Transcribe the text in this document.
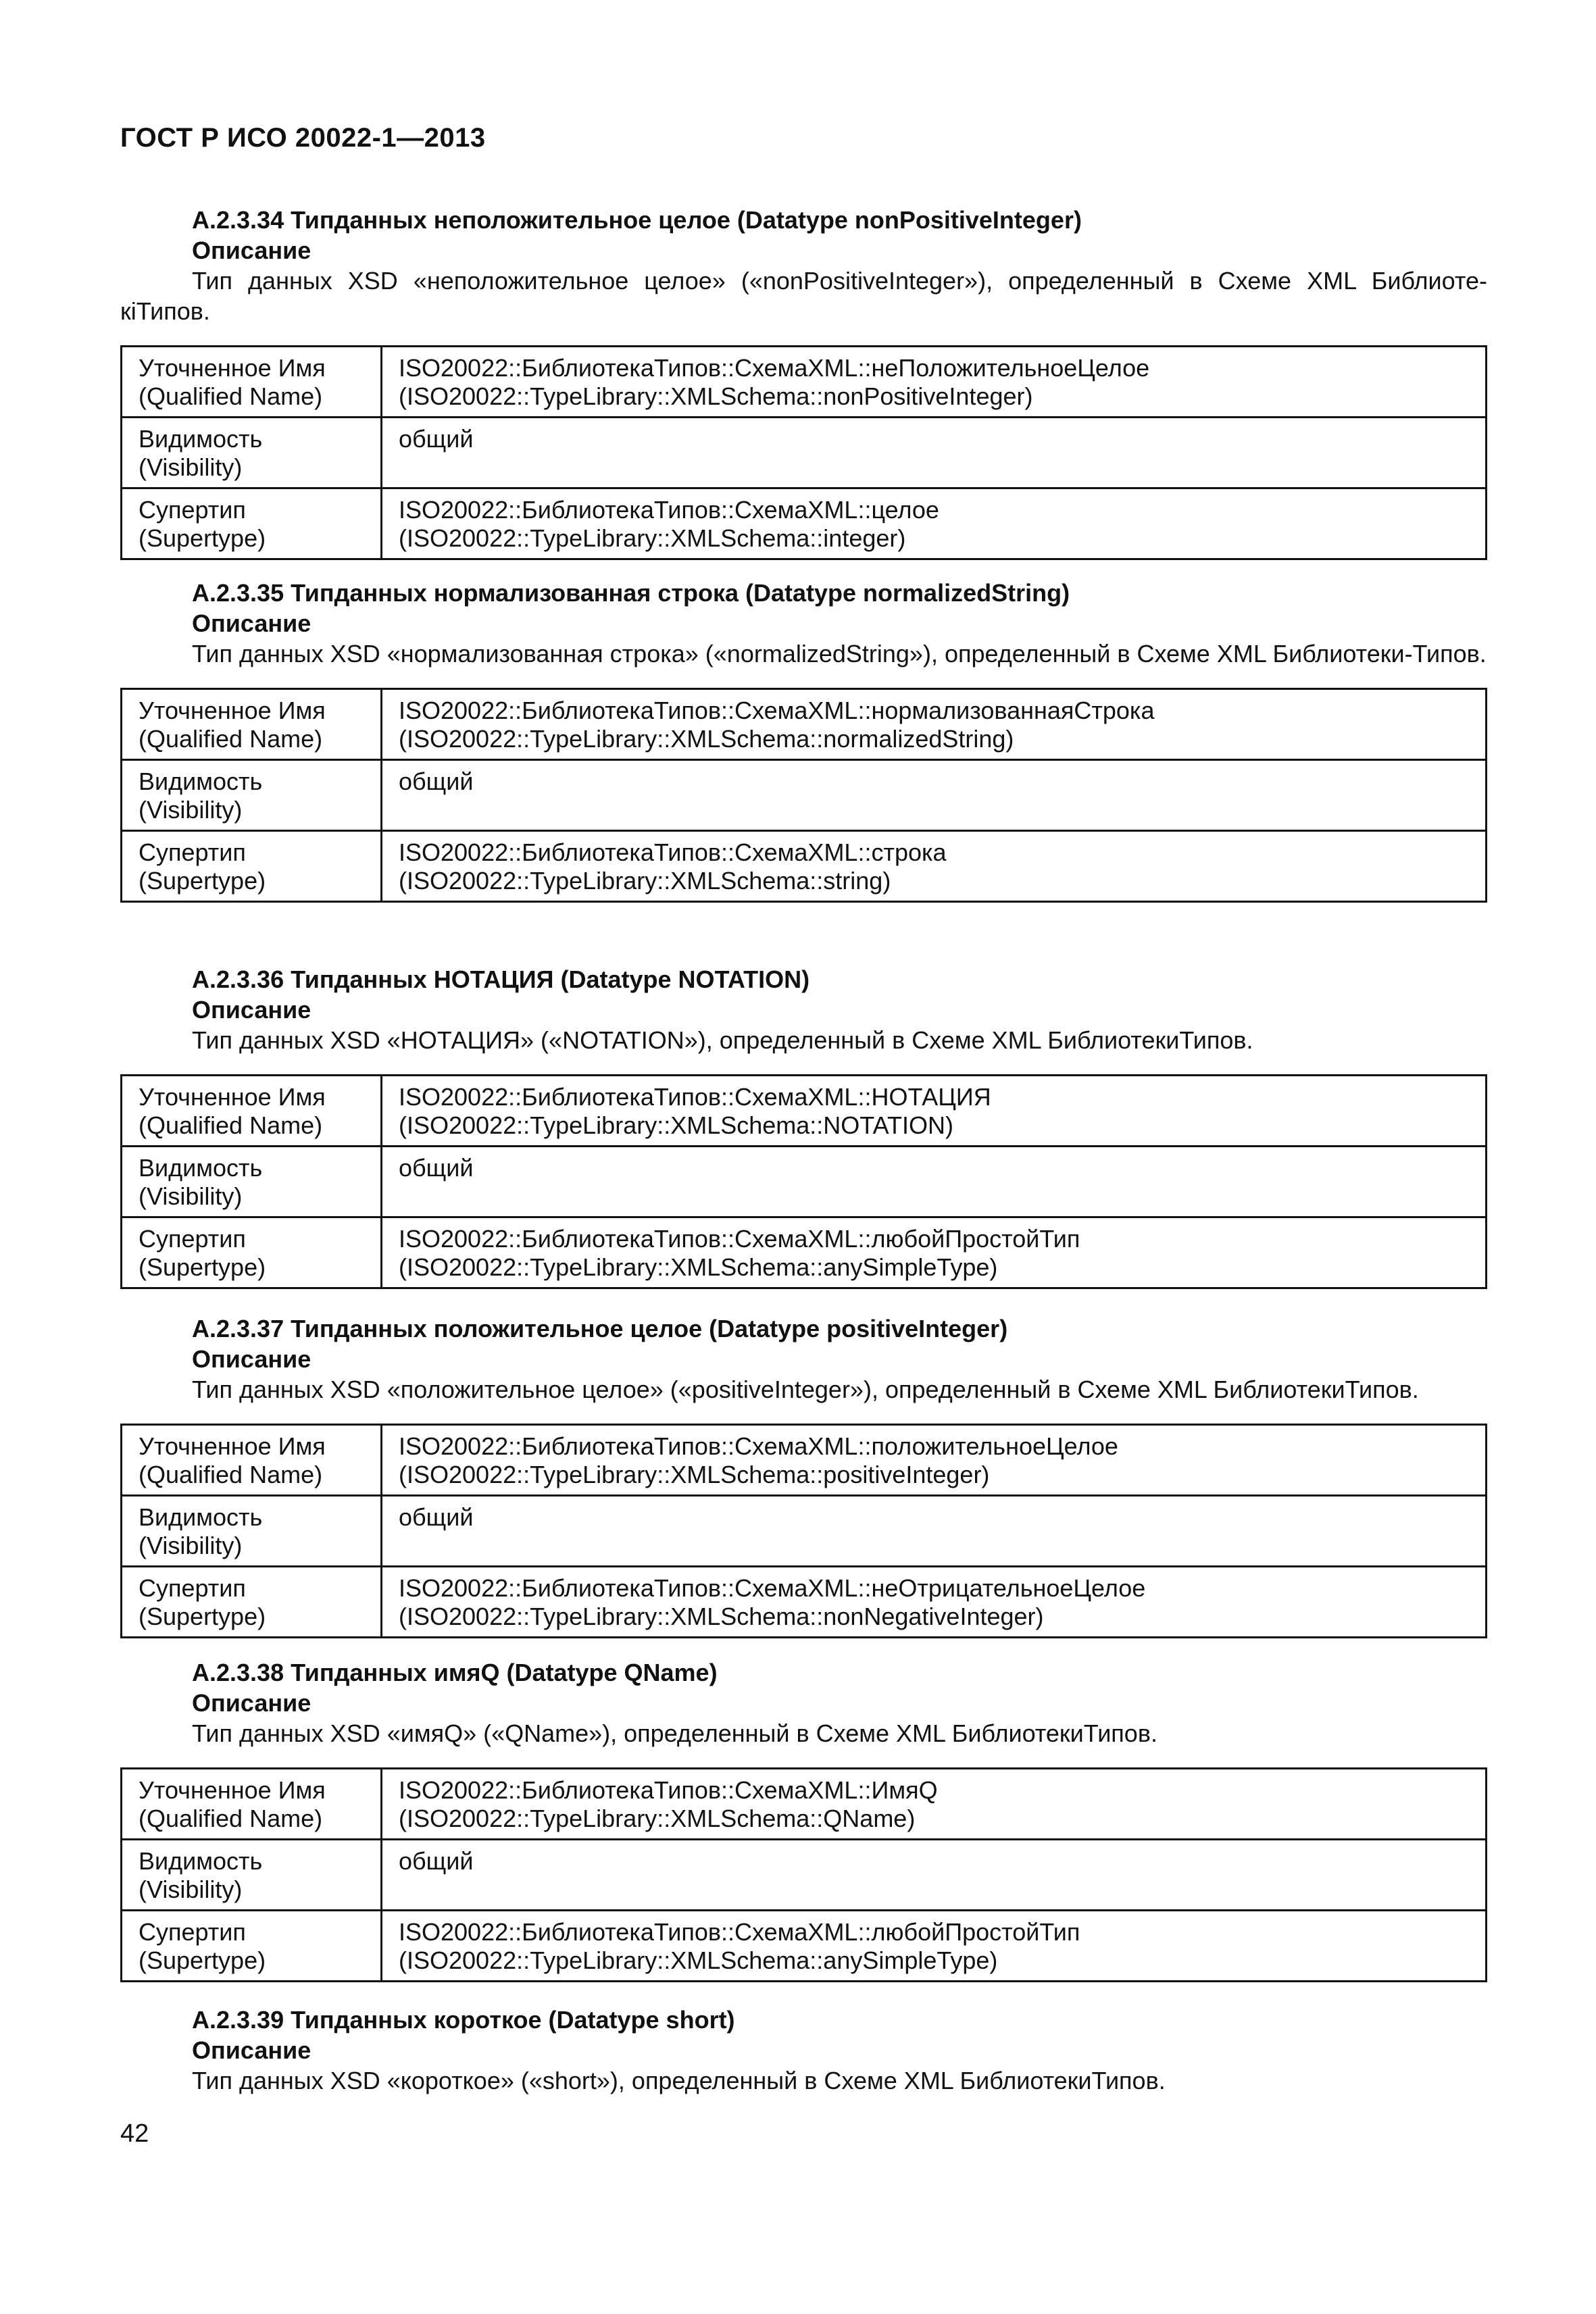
ГОСТ Р ИСО 20022-1—2013
А.2.3.34 Типданных неположительное целое (Datatype nonPositiveInteger)
Описание
Тип данных XSD «неположительное целое» («nonPositiveInteger»), определенный в Схеме XML Библиоте-кiТипов.
Уточненное Имя
(Qualified Name)	ISO20022::БиблиотекаТипов::СхемаXML::неПоложительноеЦелое
(ISO20022::TypeLibrary::XMLSchema::nonPositiveInteger)

Видимость
(Visibility)	общий

Супертип
(Supertype)	ISO20022::БиблиотекаТипов::СхемаXML::целое
(ISO20022::TypeLibrary::XMLSchema::integer)
А.2.3.35 Типданных нормализованная строка (Datatype normalizedString)
Описание
Тип данных XSD «нормализованная строка» («normalizedString»), определенный в Схеме XML Библиотеки-Типов.
Уточненное Имя
(Qualified Name)	ISO20022::БиблиотекаТипов::СхемаXML::нормализованнаяСтрока
(ISO20022::TypeLibrary::XMLSchema::normalizedString)

Видимость
(Visibility)	общий

Супертип
(Supertype)	ISO20022::БиблиотекаТипов::СхемаXML::строка
(ISO20022::TypeLibrary::XMLSchema::string)
А.2.3.36 Типданных НОТАЦИЯ (Datatype NOTATION)
Описание
Тип данных XSD «НОТАЦИЯ» («NOTATION»), определенный в Схеме XML БиблиотекиТипов.
Уточненное Имя
(Qualified Name)	ISO20022::БиблиотекаТипов::СхемаXML::НОТАЦИЯ
(ISO20022::TypeLibrary::XMLSchema::NOTATION)

Видимость
(Visibility)	общий

Супертип
(Supertype)	ISO20022::БиблиотекаТипов::СхемаXML::любойПростойТип
(ISO20022::TypeLibrary::XMLSchema::anySimpleType)
А.2.3.37 Типданных положительное целое (Datatype positiveInteger)
Описание
Тип данных XSD «положительное целое» («positiveInteger»), определенный в Схеме XML БиблиотекиТипов.
Уточненное Имя
(Qualified Name)	ISO20022::БиблиотекаТипов::СхемаXML::положительноеЦелое
(ISO20022::TypeLibrary::XMLSchema::positiveInteger)

Видимость
(Visibility)	общий

Супертип
(Supertype)	ISO20022::БиблиотекаТипов::СхемаXML::неОтрицательноеЦелое
(ISO20022::TypeLibrary::XMLSchema::nonNegativeInteger)
А.2.3.38 Типданных имяQ (Datatype QName)
Описание
Тип данных XSD «имяQ» («QName»), определенный в Схеме XML БиблиотекиТипов.
Уточненное Имя
(Qualified Name)	ISO20022::БиблиотекаТипов::СхемаXML::ИмяQ
(ISO20022::TypeLibrary::XMLSchema::QName)

Видимость
(Visibility)	общий

Супертип
(Supertype)	ISO20022::БиблиотекаТипов::СхемаXML::любойПростойТип
(ISO20022::TypeLibrary::XMLSchema::anySimpleType)
А.2.3.39 Типданных короткое (Datatype short)
Описание
Тип данных XSD «короткое» («short»), определенный в Схеме XML БиблиотекиТипов.
42
